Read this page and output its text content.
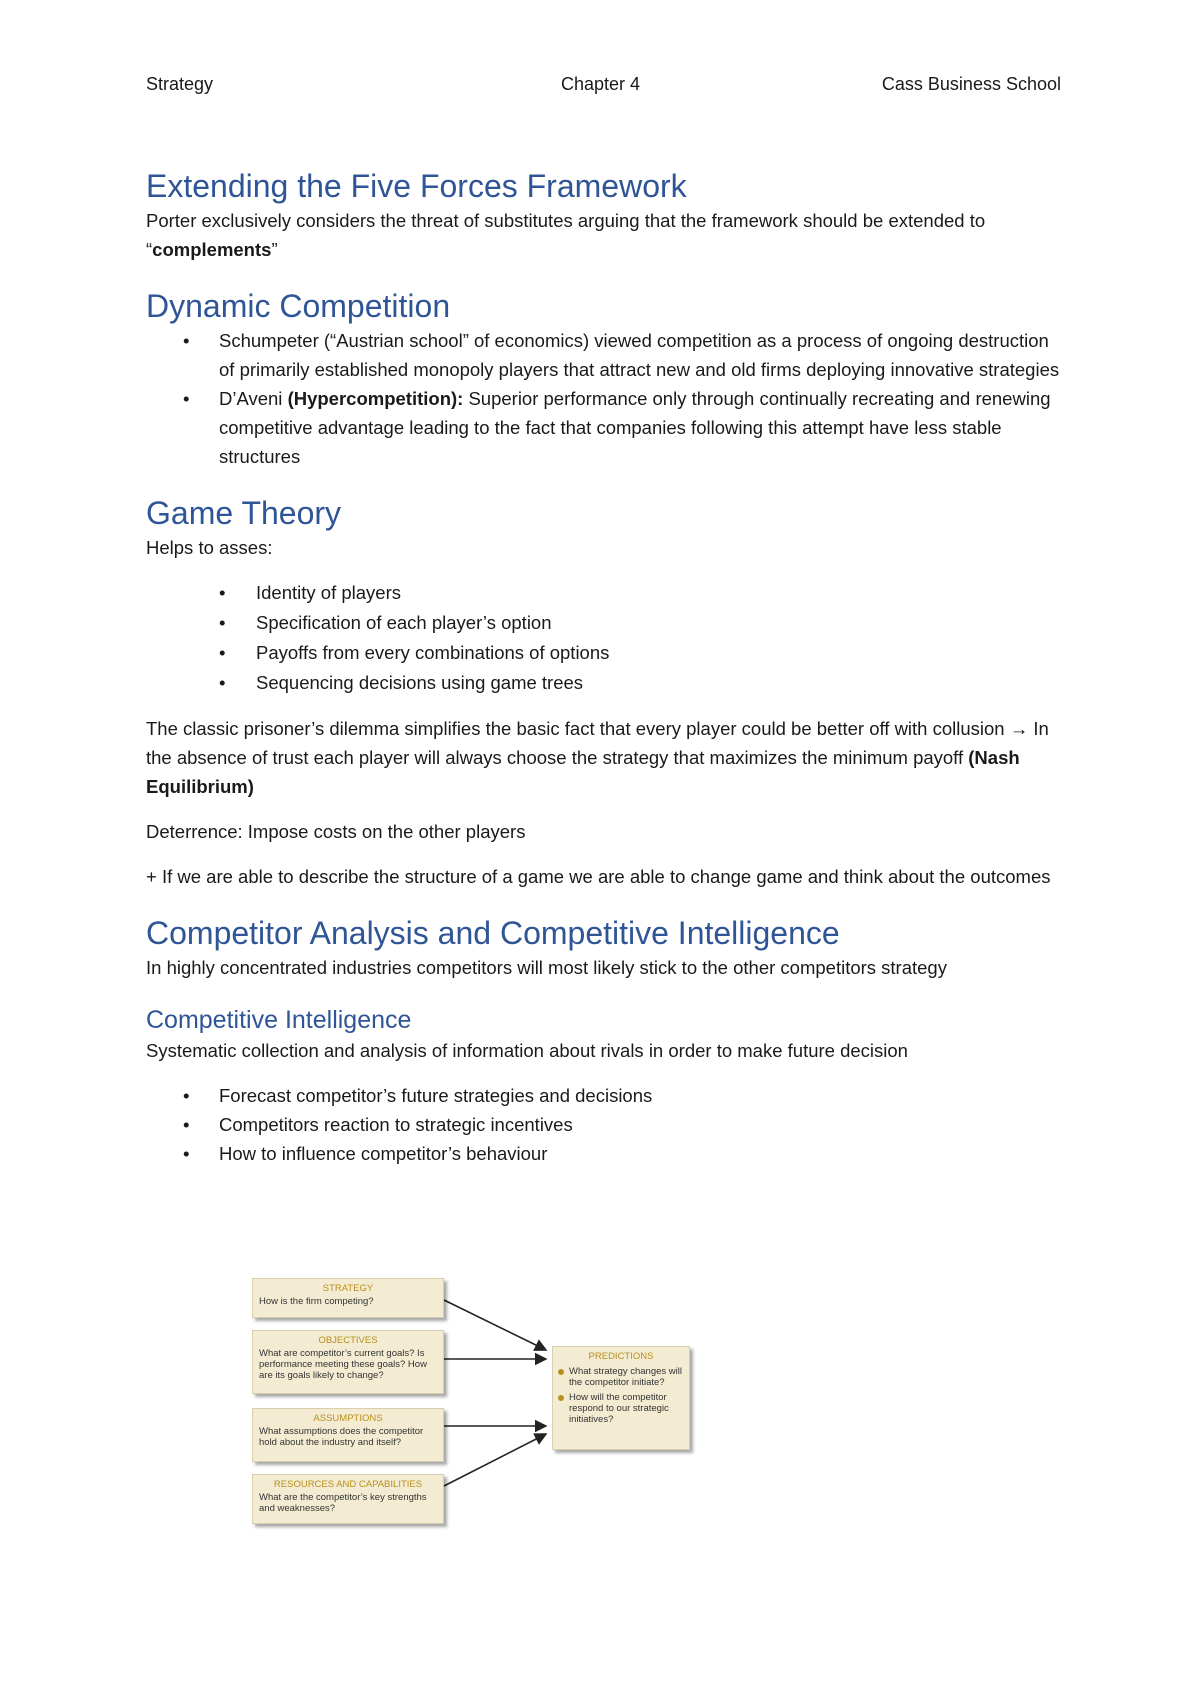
Strategy	Chapter 4	Cass Business School
Extending the Five Forces Framework

Porter exclusively considers the threat of substitutes arguing that the framework should be extended to “complements”

Dynamic Competition
• Schumpeter (“Austrian school” of economics) viewed competition as a process of ongoing destruction of primarily established monopoly players that attract new and old firms deploying innovative strategies
• D’Aveni (Hypercompetition): Superior performance only through continually recreating and renewing competitive advantage leading to the fact that companies following this attempt have less stable structures
Game Theory

Helps to asses:

• Identity of players
• Specification of each player’s option
• Payoffs from every combinations of options
• Sequencing decisions using game trees

The classic prisoner’s dilemma simplifies the basic fact that every player could be better off with collusion → In the absence of trust each player will always choose the strategy that maximizes the minimum payoff (Nash Equilibrium)

Deterrence: Impose costs on the other players

+ If we are able to describe the structure of a game we are able to change game and think about the outcomes

Competitor Analysis and Competitive Intelligence

In highly concentrated industries competitors will most likely stick to the other competitors strategy

Competitive Intelligence

Systematic collection and analysis of information about rivals in order to make future decision

• Forecast competitor’s future strategies and decisions
• Competitors reaction to strategic incentives
• How to influence competitor’s behaviour
STRATEGY
How is the firm competing?
OBJECTIVES
What are competitor’s current goals? Is performance meeting these goals? How are its goals likely to change?
ASSUMPTIONS
What assumptions does the competitor hold about the industry and itself?
RESOURCES AND CAPABILITIES
What are the competitor’s key strengths and weaknesses?
PREDICTIONS
What strategy changes will the competitor initiate?
How will the competitor respond to our strategic initiatives?
